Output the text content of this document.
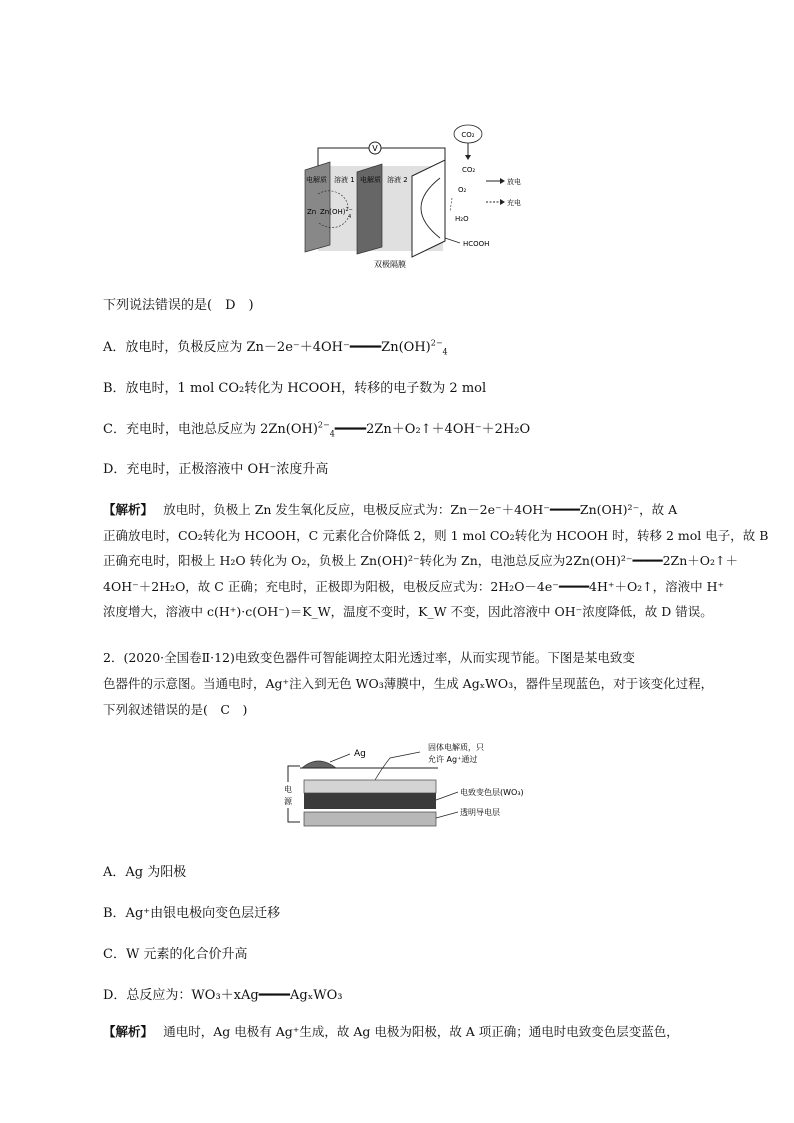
V
电解质 溶液 1 电解质 溶液 2
Zn Zn(OH)$^{2-}$
4
CO₂
CO₂
O₂
H₂O
HCOOH
放电
充电
双极隔膜
下列说法错误的是(　D　)
A．放电时，负极反应为 Zn－2e⁻＋4OH⁻━━━━Zn(OH)$^{2-}_4$
B．放电时，1 mol CO₂转化为 HCOOH，转移的电子数为 2 mol
C．充电时，电池总反应为 2Zn(OH)$^{2-}_4$━━━━2Zn＋O₂↑＋4OH⁻＋2H₂O
D．充电时，正极溶液中 OH⁻浓度升高
【解析】　 放电时，负极上 Zn 发生氧化反应，电极反应式为：Zn－2e⁻＋4OH⁻━━━━Zn(OH)²⁻，故 A
正确放电时，CO₂转化为 HCOOH，C 元素化合价降低 2，则 1 mol CO₂转化为 HCOOH 时，转移 2 mol 电子，故 B
正确充电时，阳极上 H₂O 转化为 O₂，负极上 Zn(OH)²⁻转化为 Zn，电池总反应为2Zn(OH)²⁻━━━━2Zn＋O₂↑＋
4OH⁻＋2H₂O，故 C 正确；充电时，正极即为阳极，电极反应式为：2H₂O－4e⁻━━━━4H⁺＋O₂↑，溶液中 H⁺
浓度增大，溶液中 c(H⁺)·c(OH⁻)＝K_W，温度不变时，K_W 不变，因此溶液中 OH⁻浓度降低，故 D 错误。
2．(2020·全国卷Ⅱ·12)电致变色器件可智能调控太阳光透过率，从而实现节能。下图是某电致变
色器件的示意图。当通电时，Ag⁺注入到无色 WO₃薄膜中，生成 AgₓWO₃，器件呈现蓝色，对于该变化过程，
下列叙述错误的是(　C　)
电
源
Ag
固体电解质，只
允许 Ag⁺通过
电致变色层(WO₃)
透明导电层
A．Ag 为阳极
B．Ag⁺由银电极向变色层迁移
C．W 元素的化合价升高
D．总反应为：WO₃＋xAg━━━━AgₓWO₃
【解析】　 通电时，Ag 电极有 Ag⁺生成，故 Ag 电极为阳极，故 A 项正确；通电时电致变色层变蓝色，
